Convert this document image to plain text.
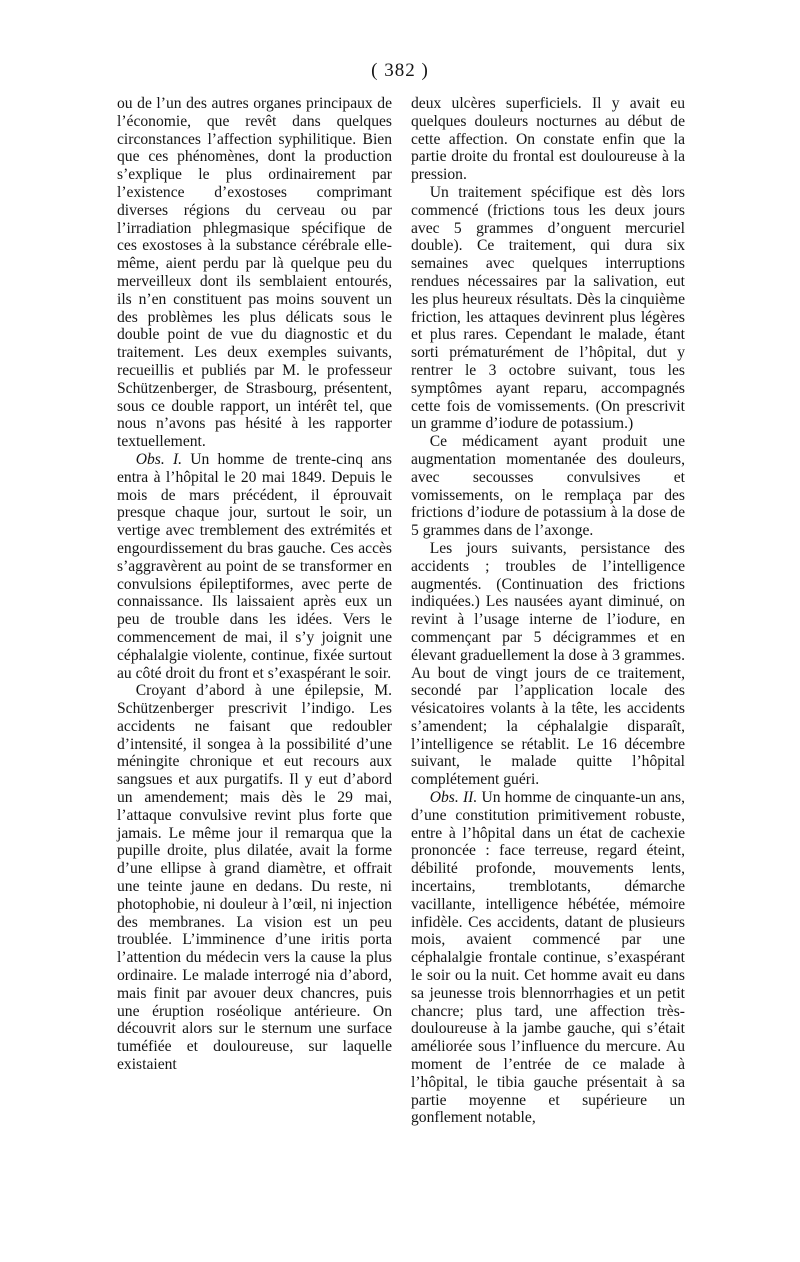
( 382 )

ou de l’un des autres organes principaux de l’économie, que revêt dans quelques circonstances l’affection syphilitique. Bien que ces phénomènes, dont la production s’explique le plus ordinairement par l’existence d’exostoses comprimant diverses régions du cerveau ou par l’irradiation phlegmasique spécifique de ces exostoses à la substance cérébrale elle-même, aient perdu par là quelque peu du merveilleux dont ils semblaient entourés, ils n’en constituent pas moins souvent un des problèmes les plus délicats sous le double point de vue du diagnostic et du traitement. Les deux exemples suivants, recueillis et publiés par M. le professeur Schützenberger, de Strasbourg, présentent, sous ce double rapport, un intérêt tel, que nous n’avons pas hésité à les rapporter textuellement.

Obs. I. Un homme de trente-cinq ans entra à l’hôpital le 20 mai 1849. Depuis le mois de mars précédent, il éprouvait presque chaque jour, surtout le soir, un vertige avec tremblement des extrémités et engourdissement du bras gauche. Ces accès s’aggravèrent au point de se transformer en convulsions épileptiformes, avec perte de connaissance. Ils laissaient après eux un peu de trouble dans les idées. Vers le commencement de mai, il s’y joignit une céphalalgie violente, continue, fixée surtout au côté droit du front et s’exaspérant le soir.

Croyant d’abord à une épilepsie, M. Schützenberger prescrivit l’indigo. Les accidents ne faisant que redoubler d’intensité, il songea à la possibilité d’une méningite chronique et eut recours aux sangsues et aux purgatifs. Il y eut d’abord un amendement; mais dès le 29 mai, l’attaque convulsive revint plus forte que jamais. Le même jour il remarqua que la pupille droite, plus dilatée, avait la forme d’une ellipse à grand diamètre, et offrait une teinte jaune en dedans. Du reste, ni photophobie, ni douleur à l’œil, ni injection des membranes. La vision est un peu troublée. L’imminence d’une iritis porta l’attention du médecin vers la cause la plus ordinaire. Le malade interrogé nia d’abord, mais finit par avouer deux chancres, puis une éruption roséolique antérieure. On découvrit alors sur le sternum une surface tuméfiée et douloureuse, sur laquelle existaient

deux ulcères superficiels. Il y avait eu quelques douleurs nocturnes au début de cette affection. On constate enfin que la partie droite du frontal est douloureuse à la pression.

Un traitement spécifique est dès lors commencé (frictions tous les deux jours avec 5 grammes d’onguent mercuriel double). Ce traitement, qui dura six semaines avec quelques interruptions rendues nécessaires par la salivation, eut les plus heureux résultats. Dès la cinquième friction, les attaques devinrent plus légères et plus rares. Cependant le malade, étant sorti prématurément de l’hôpital, dut y rentrer le 3 octobre suivant, tous les symptômes ayant reparu, accompagnés cette fois de vomissements. (On prescrivit un gramme d’iodure de potassium.)

Ce médicament ayant produit une augmentation momentanée des douleurs, avec secousses convulsives et vomissements, on le remplaça par des frictions d’iodure de potassium à la dose de 5 grammes dans de l’axonge.

Les jours suivants, persistance des accidents ; troubles de l’intelligence augmentés. (Continuation des frictions indiquées.) Les nausées ayant diminué, on revint à l’usage interne de l’iodure, en commençant par 5 décigrammes et en élevant graduellement la dose à 3 grammes. Au bout de vingt jours de ce traitement, secondé par l’application locale des vésicatoires volants à la tête, les accidents s’amendent; la céphalalgie disparaît, l’intelligence se rétablit. Le 16 décembre suivant, le malade quitte l’hôpital complétement guéri.

Obs. II. Un homme de cinquante-un ans, d’une constitution primitivement robuste, entre à l’hôpital dans un état de cachexie prononcée : face terreuse, regard éteint, débilité profonde, mouvements lents, incertains, tremblotants, démarche vacillante, intelligence hébétée, mémoire infidèle. Ces accidents, datant de plusieurs mois, avaient commencé par une céphalalgie frontale continue, s’exaspérant le soir ou la nuit. Cet homme avait eu dans sa jeunesse trois blennorrhagies et un petit chancre; plus tard, une affection très-douloureuse à la jambe gauche, qui s’était améliorée sous l’influence du mercure. Au moment de l’entrée de ce malade à l’hôpital, le tibia gauche présentait à sa partie moyenne et supérieure un gonflement notable,
